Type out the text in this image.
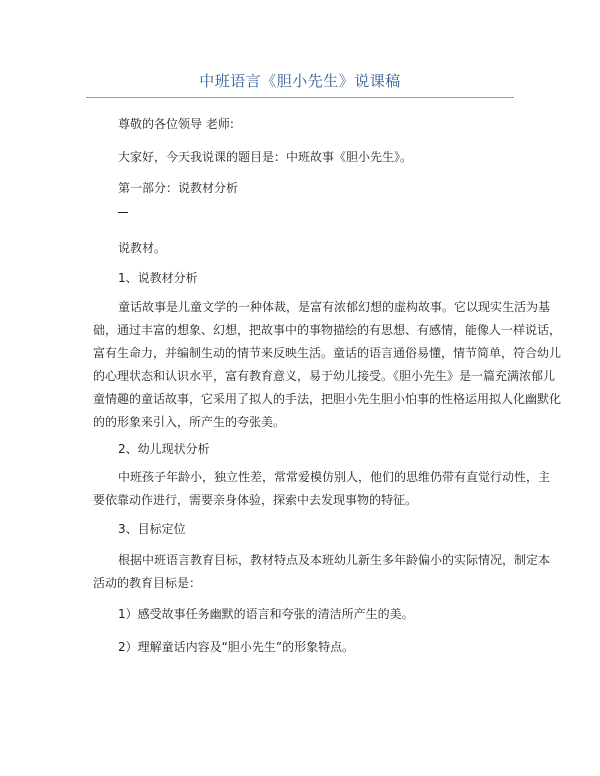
中班语言《胆小先生》说课稿
尊敬的各位领导 老师:
大家好，今天我说课的题目是：中班故事《胆小先生》。
第一部分：说教材分析
说教材。
1、说教材分析
童话故事是儿童文学的一种体裁，是富有浓郁幻想的虚构故事。它以现实生活为基
础，通过丰富的想象、幻想，把故事中的事物描绘的有思想、有感情，能像人一样说话，
富有生命力，并编制生动的情节来反映生活。童话的语言通俗易懂，情节简单，符合幼儿
的心理状态和认识水平，富有教育意义，易于幼儿接受。《胆小先生》是一篇充满浓郁儿
童情趣的童话故事，它采用了拟人的手法，把胆小先生胆小怕事的性格运用拟人化幽默化
的的形象来引入，所产生的夸张美。
2、幼儿现状分析
中班孩子年龄小，独立性差，常常爱模仿别人，他们的思维仍带有直觉行动性，主
要依靠动作进行，需要亲身体验，探索中去发现事物的特征。
3、目标定位
根据中班语言教育目标，教材特点及本班幼儿新生多年龄偏小的实际情况，制定本
活动的教育目标是：
1）感受故事任务幽默的语言和夸张的清洁所产生的美。
2）理解童话内容及“胆小先生”的形象特点。
